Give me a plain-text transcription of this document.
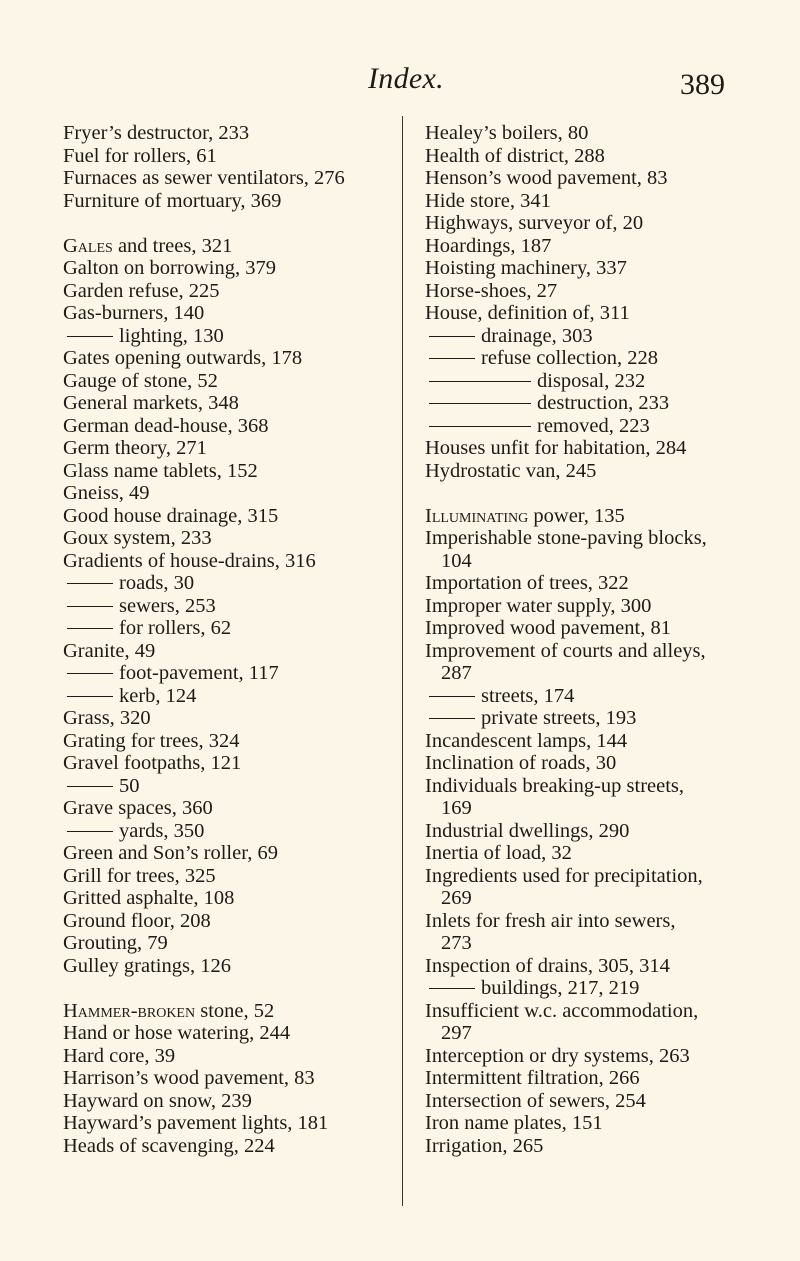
Index.	389

Fryer’s destructor, 233

Fuel for rollers, 61

Furnaces as sewer ventilators, 276

Furniture of mortuary, 369

Gales and trees, 321

Galton on borrowing, 379

Garden refuse, 225

Gas-burners, 140

lighting, 130

Gates opening outwards, 178

Gauge of stone, 52

General markets, 348

German dead-house, 368

Germ theory, 271

Glass name tablets, 152

Gneiss, 49

Good house drainage, 315

Goux system, 233

Gradients of house-drains, 316

roads, 30

sewers, 253

for rollers, 62

Granite, 49

foot-pavement, 117

kerb, 124

Grass, 320

Grating for trees, 324

Gravel footpaths, 121

50

Grave spaces, 360

yards, 350

Green and Son’s roller, 69

Grill for trees, 325

Gritted asphalte, 108

Ground floor, 208

Grouting, 79

Gulley gratings, 126

Hammer-broken stone, 52

Hand or hose watering, 244

Hard core, 39

Harrison’s wood pavement, 83

Hayward on snow, 239

Hayward’s pavement lights, 181

Heads of scavenging, 224

Healey’s boilers, 80

Health of district, 288

Henson’s wood pavement, 83

Hide store, 341

Highways, surveyor of, 20

Hoardings, 187

Hoisting machinery, 337

Horse-shoes, 27

House, definition of, 311

drainage, 303

refuse collection, 228

disposal, 232

destruction, 233

removed, 223

Houses unfit for habitation, 284

Hydrostatic van, 245

Illuminating power, 135

Imperishable stone-paving blocks,

104

Importation of trees, 322

Improper water supply, 300

Improved wood pavement, 81

Improvement of courts and alleys,

287

streets, 174

private streets, 193

Incandescent lamps, 144

Inclination of roads, 30

Individuals breaking-up streets,

169

Industrial dwellings, 290

Inertia of load, 32

Ingredients used for precipitation,

269

Inlets for fresh air into sewers,

273

Inspection of drains, 305, 314

buildings, 217, 219

Insufficient w.c. accommodation,

297

Interception or dry systems, 263

Intermittent filtration, 266

Intersection of sewers, 254

Iron name plates, 151

Irrigation, 265
